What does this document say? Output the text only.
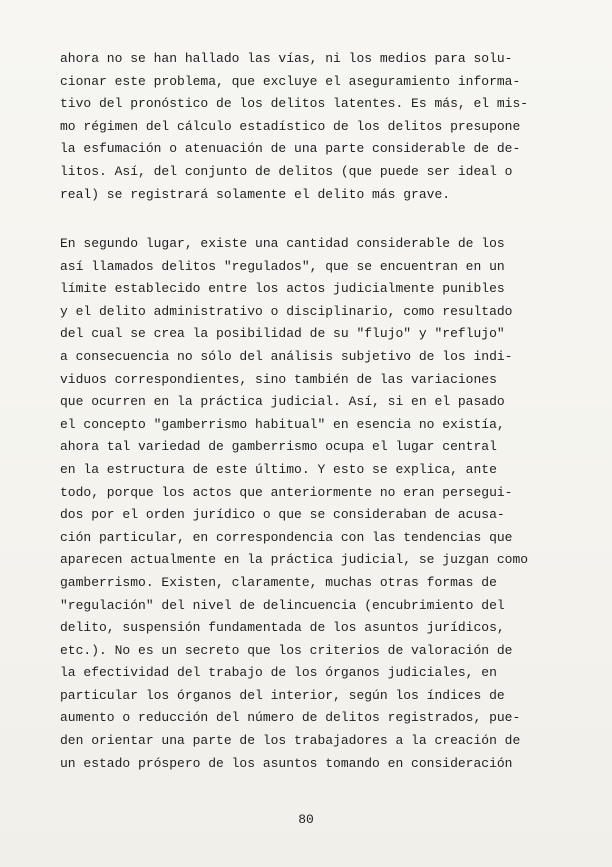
ahora no se han hallado las vías, ni los medios para solu-
cionar este problema, que excluye el aseguramiento informa-
tivo del pronóstico de los delitos latentes. Es más, el mis-
mo régimen del cálculo estadístico de los delitos presupone
la esfumación o atenuación de una parte considerable de de-
litos. Así, del conjunto de delitos (que puede ser ideal o
real) se registrará solamente el delito más grave.

En segundo lugar, existe una cantidad considerable de los
así llamados delitos "regulados", que se encuentran en un
límite establecido entre los actos judicialmente punibles
y el delito administrativo o disciplinario, como resultado
del cual se crea la posibilidad de su "flujo" y "reflujo"
a consecuencia no sólo del análisis subjetivo de los indi-
viduos correspondientes, sino también de las variaciones
que ocurren en la práctica judicial. Así, si en el pasado
el concepto "gamberrismo habitual" en esencia no existía,
ahora tal variedad de gamberrismo ocupa el lugar central
en la estructura de este último. Y esto se explica, ante
todo, porque los actos que anteriormente no eran persegui-
dos por el orden jurídico o que se consideraban de acusa-
ción particular, en correspondencia con las tendencias que
aparecen actualmente en la práctica judicial, se juzgan como
gamberrismo. Existen, claramente, muchas otras formas de
"regulación" del nivel de delincuencia (encubrimiento del
delito, suspensión fundamentada de los asuntos jurídicos,
etc.). No es un secreto que los criterios de valoración de
la efectividad del trabajo de los órganos judiciales, en
particular los órganos del interior, según los índices de
aumento o reducción del número de delitos registrados, pue-
den orientar una parte de los trabajadores a la creación de
un estado próspero de los asuntos tomando en consideración

80
